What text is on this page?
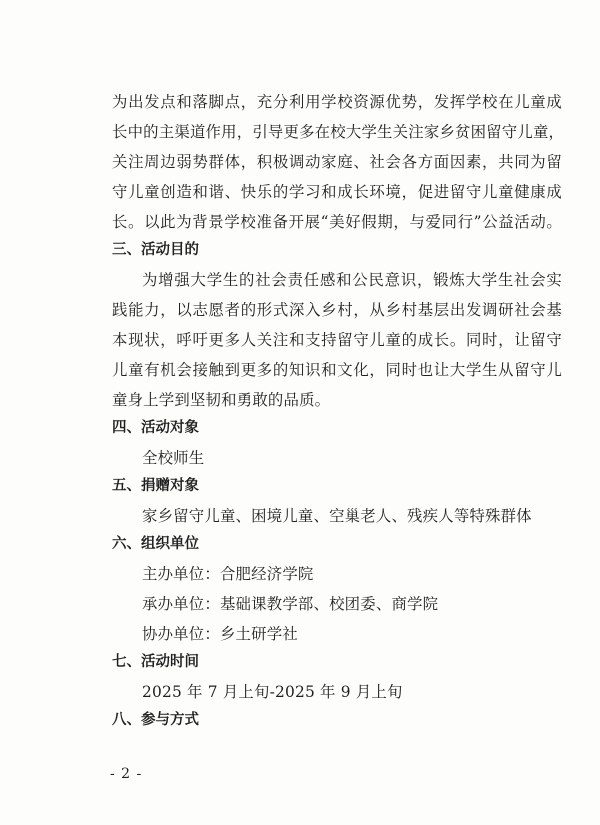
为出发点和落脚点，充分利用学校资源优势，发挥学校在儿童成
长中的主渠道作用，引导更多在校大学生关注家乡贫困留守儿童，
关注周边弱势群体，积极调动家庭、社会各方面因素，共同为留
守儿童创造和谐、快乐的学习和成长环境，促进留守儿童健康成
长。以此为背景学校准备开展“美好假期，与爱同行”公益活动。
三、活动目的
为增强大学生的社会责任感和公民意识，锻炼大学生社会实
践能力，以志愿者的形式深入乡村，从乡村基层出发调研社会基
本现状，呼吁更多人关注和支持留守儿童的成长。同时，让留守
儿童有机会接触到更多的知识和文化，同时也让大学生从留守儿
童身上学到坚韧和勇敢的品质。
四、活动对象
全校师生
五、捐赠对象
家乡留守儿童、困境儿童、空巢老人、残疾人等特殊群体
六、组织单位
主办单位：合肥经济学院
承办单位：基础课教学部、校团委、商学院
协办单位：乡土研学社
七、活动时间
2025 年 7 月上旬-2025 年 9 月上旬
八、参与方式
- 2 -
